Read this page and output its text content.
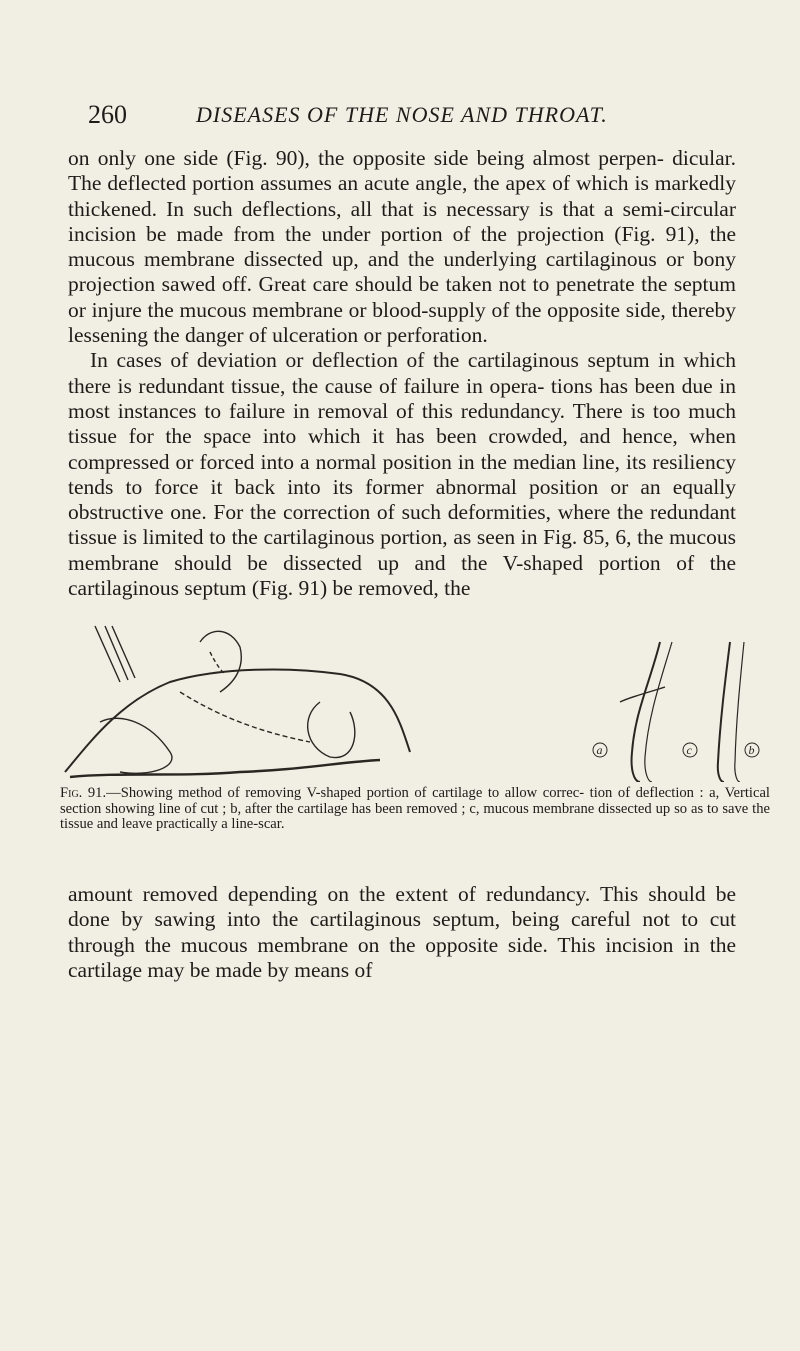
260	DISEASES OF THE NOSE AND THROAT.

on only one side (Fig. 90), the opposite side being almost perpen- dicular. The deflected portion assumes an acute angle, the apex of which is markedly thickened. In such deflections, all that is necessary is that a semi-circular incision be made from the under portion of the projection (Fig. 91), the mucous membrane dissected up, and the underlying cartilaginous or bony projection sawed off. Great care should be taken not to penetrate the septum or injure the mucous membrane or blood-supply of the opposite side, thereby lessening the danger of ulceration or perforation.

In cases of deviation or deflection of the cartilaginous septum in which there is redundant tissue, the cause of failure in opera- tions has been due in most instances to failure in removal of this redundancy. There is too much tissue for the space into which it has been crowded, and hence, when compressed or forced into a normal position in the median line, its resiliency tends to force it back into its former abnormal position or an equally obstructive one. For the correction of such deformities, where the redundant tissue is limited to the cartilaginous portion, as seen in Fig. 85, 6, the mucous membrane should be dissected up and the V-shaped portion of the cartilaginous septum (Fig. 91) be removed, the

a	c	b
Fig. 91.—Showing method of removing V-shaped portion of cartilage to allow correc- tion of deflection : a, Vertical section showing line of cut ; b, after the cartilage has been removed ; c, mucous membrane dissected up so as to save the tissue and leave practically a line-scar.

amount removed depending on the extent of redundancy. This should be done by sawing into the cartilaginous septum, being careful not to cut through the mucous membrane on the opposite side. This incision in the cartilage may be made by means of
